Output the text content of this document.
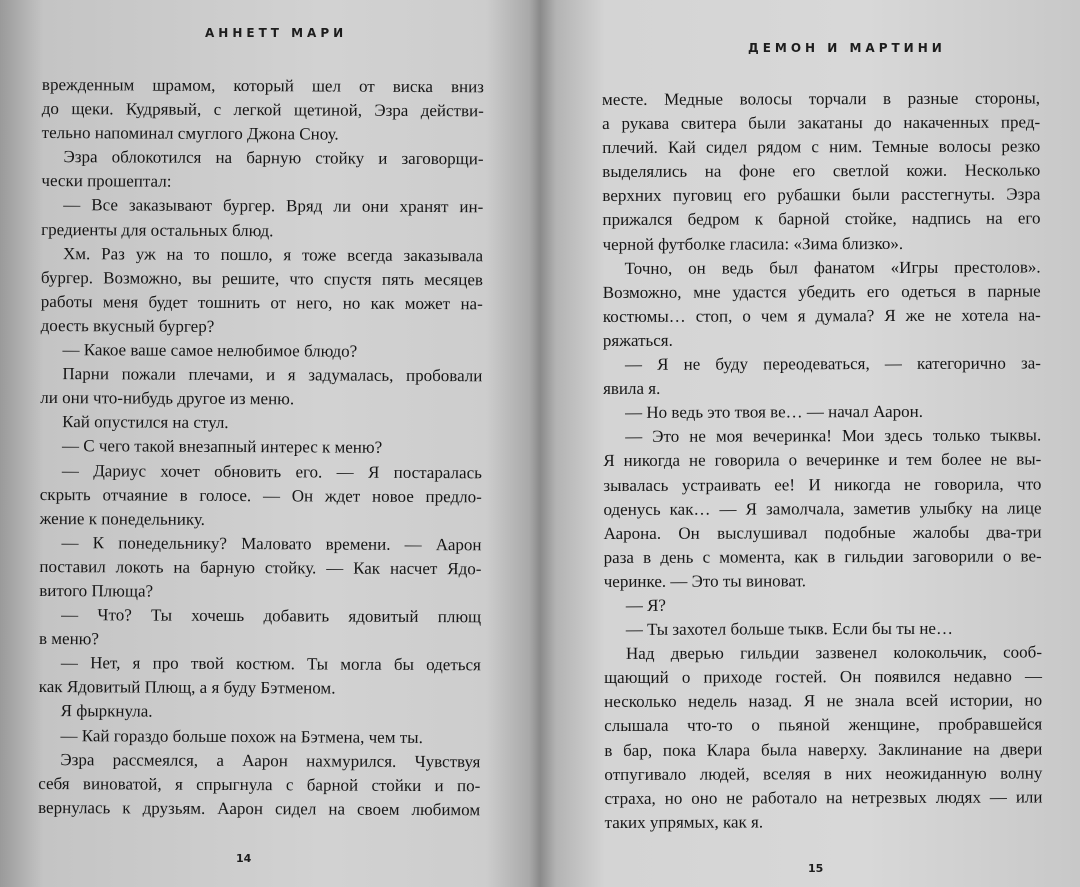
АННЕТТ МАРИ
врежденным шрамом, который шел от виска вниз
до щеки. Кудрявый, с легкой щетиной, Эзра действи-
тельно напоминал смуглого Джона Сноу.
Эзра облокотился на барную стойку и заговорщи-
чески прошептал:
— Все заказывают бургер. Вряд ли они хранят ин-
гредиенты для остальных блюд.
Хм. Раз уж на то пошло, я тоже всегда заказывала
бургер. Возможно, вы решите, что спустя пять месяцев
работы меня будет тошнить от него, но как может на-
доесть вкусный бургер?
— Какое ваше самое нелюбимое блюдо?
Парни пожали плечами, и я задумалась, пробовали
ли они что-нибудь другое из меню.
Кай опустился на стул.
— С чего такой внезапный интерес к меню?
— Дариус хочет обновить его. — Я постаралась
скрыть отчаяние в голосе. — Он ждет новое предло-
жение к понедельнику.
— К понедельнику? Маловато времени. — Аарон
поставил локоть на барную стойку. — Как насчет Ядо-
витого Плюща?
— Что? Ты хочешь добавить ядовитый плющ
в меню?
— Нет, я про твой костюм. Ты могла бы одеться
как Ядовитый Плющ, а я буду Бэтменом.
Я фыркнула.
— Кай гораздо больше похож на Бэтмена, чем ты.
Эзра рассмеялся, а Аарон нахмурился. Чувствуя
себя виноватой, я спрыгнула с барной стойки и по-
вернулась к друзьям. Аарон сидел на своем любимом
14
ДЕМОН И МАРТИНИ
месте. Медные волосы торчали в разные стороны,
а рукава свитера были закатаны до накаченных пред-
плечий. Кай сидел рядом с ним. Темные волосы резко
выделялись на фоне его светлой кожи. Несколько
верхних пуговиц его рубашки были расстегнуты. Эзра
прижался бедром к барной стойке, надпись на его
черной футболке гласила: «Зима близко».
Точно, он ведь был фанатом «Игры престолов».
Возможно, мне удастся убедить его одеться в парные
костюмы… стоп, о чем я думала? Я же не хотела на-
ряжаться.
— Я не буду переодеваться, — категорично за-
явила я.
— Но ведь это твоя ве… — начал Аарон.
— Это не моя вечеринка! Мои здесь только тыквы.
Я никогда не говорила о вечеринке и тем более не вы-
зывалась устраивать ее! И никогда не говорила, что
оденусь как… — Я замолчала, заметив улыбку на лице
Аарона. Он выслушивал подобные жалобы два-три
раза в день с момента, как в гильдии заговорили о ве-
черинке. — Это ты виноват.
— Я?
— Ты захотел больше тыкв. Если бы ты не…
Над дверью гильдии зазвенел колокольчик, сооб-
щающий о приходе гостей. Он появился недавно —
несколько недель назад. Я не знала всей истории, но
слышала что-то о пьяной женщине, пробравшейся
в бар, пока Клара была наверху. Заклинание на двери
отпугивало людей, вселяя в них неожиданную волну
страха, но оно не работало на нетрезвых людях — или
таких упрямых, как я.
15
